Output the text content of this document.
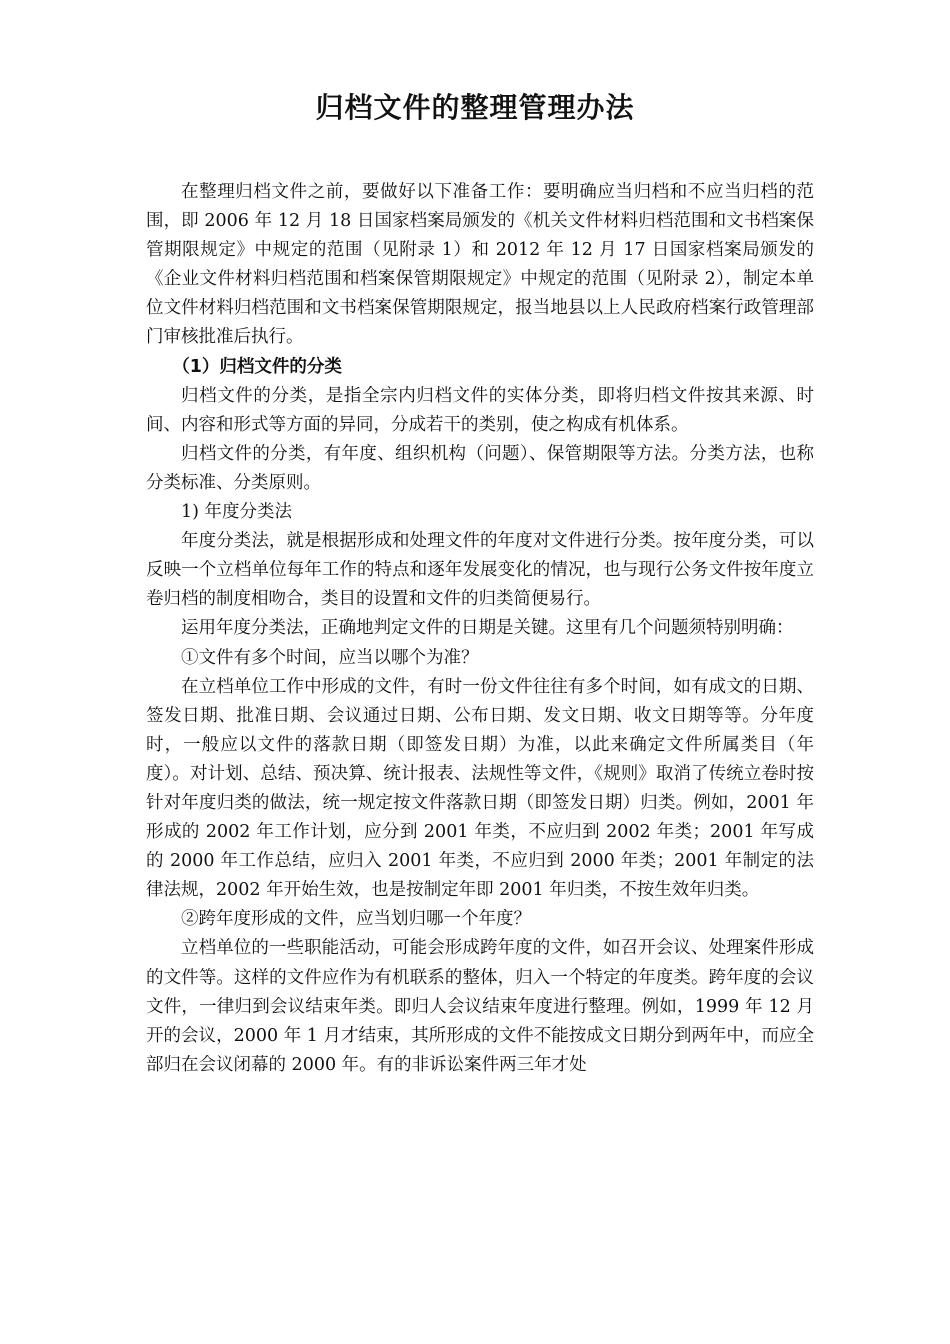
归档文件的整理管理办法

在整理归档文件之前，要做好以下准备工作：要明确应当归档和不应当归档的范围，即 2006 年 12 月 18 日国家档案局颁发的《机关文件材料归档范围和文书档案保管期限规定》中规定的范围（见附录 1）和 2012 年 12 月 17 日国家档案局颁发的《企业文件材料归档范围和档案保管期限规定》中规定的范围（见附录 2），制定本单位文件材料归档范围和文书档案保管期限规定，报当地县以上人民政府档案行政管理部门审核批准后执行。

（1）归档文件的分类

归档文件的分类，是指全宗内归档文件的实体分类，即将归档文件按其来源、时间、内容和形式等方面的异同，分成若干的类别，使之构成有机体系。

归档文件的分类，有年度、组织机构（问题）、保管期限等方法。分类方法，也称分类标准、分类原则。

1) 年度分类法

年度分类法，就是根据形成和处理文件的年度对文件进行分类。按年度分类，可以反映一个立档单位每年工作的特点和逐年发展变化的情况，也与现行公务文件按年度立卷归档的制度相吻合，类目的设置和文件的归类简便易行。

运用年度分类法，正确地判定文件的日期是关键。这里有几个问题须特别明确：

①文件有多个时间，应当以哪个为准？

在立档单位工作中形成的文件，有时一份文件往往有多个时间，如有成文的日期、签发日期、批准日期、会议通过日期、公布日期、发文日期、收文日期等等。分年度时，一般应以文件的落款日期（即签发日期）为准，以此来确定文件所属类目（年度）。对计划、总结、预决算、统计报表、法规性等文件，《规则》取消了传统立卷时按针对年度归类的做法，统一规定按文件落款日期（即签发日期）归类。例如，2001 年形成的 2002 年工作计划，应分到 2001 年类，不应归到 2002 年类；2001 年写成的 2000 年工作总结，应归入 2001 年类，不应归到 2000 年类；2001 年制定的法律法规，2002 年开始生效，也是按制定年即 2001 年归类，不按生效年归类。

②跨年度形成的文件，应当划归哪一个年度？

立档单位的一些职能活动，可能会形成跨年度的文件，如召开会议、处理案件形成的文件等。这样的文件应作为有机联系的整体，归入一个特定的年度类。跨年度的会议文件，一律归到会议结束年类。即归人会议结束年度进行整理。例如，1999 年 12 月开的会议，2000 年 1 月才结束，其所形成的文件不能按成文日期分到两年中，而应全部归在会议闭幕的 2000 年。有的非诉讼案件两三年才处
